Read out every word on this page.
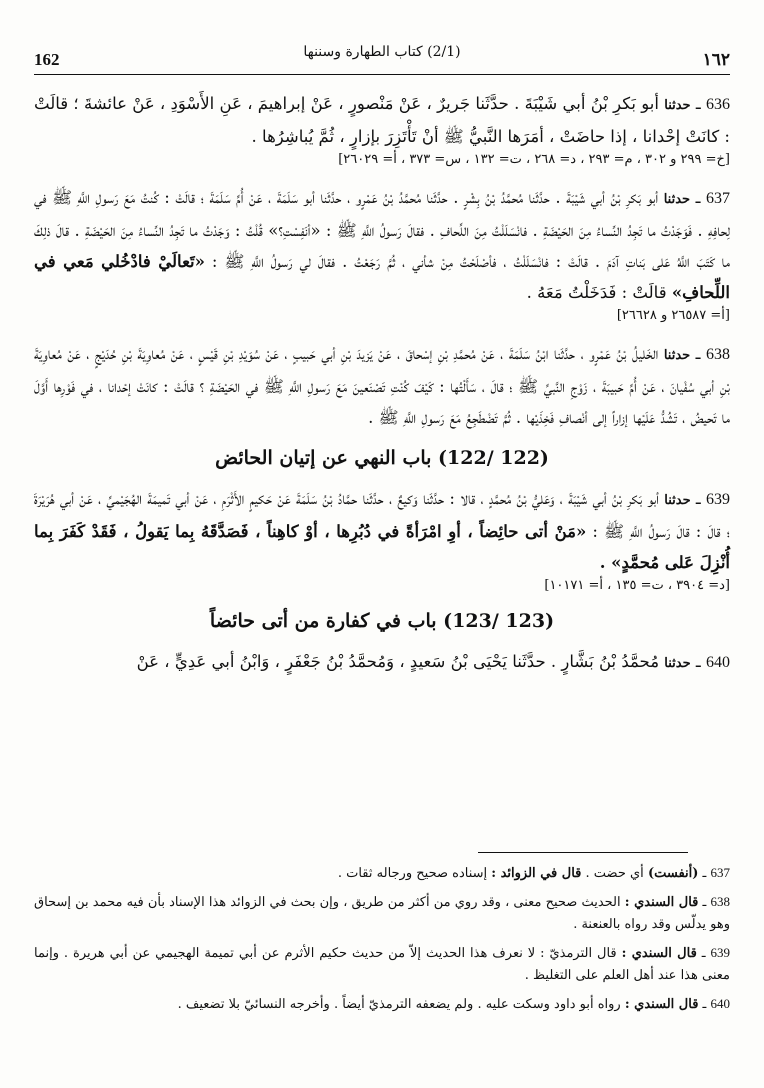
162	(2/1) كتاب الطهارة وسننها	١٦٢

636 ـ حدثنا أبو بَكرِ بْنُ أبي شَيْبَةَ . حدَّثَنا جَريرٌ ، عَنْ مَنْصورٍ ، عَنْ إبراهيمَ ، عَنِ الأَسْوَدِ ، عَنْ عائشةَ ؛ قالَتْ : كانَتْ إحْدانا ، إذا حاضَتْ ، أمَرَها النَّبيُّ ﷺ أنْ تَأْتَزِرَ بإزارٍ ، ثُمَّ يُباشِرُها .

[خ= ٢٩٩ و ٣٠٢ ، م= ٢٩٣ ، د= ٢٦٨ ، ت= ١٣٢ ، س= ٣٧٣ ، أ= ٢٦٠٢٩]

637 ـ حدثنا أبو بَكرِ بْنُ أبي شَيْبَةَ . حدَّثَنا مُحمَّدُ بْنُ بِشْرٍ . حدَّثَنا مُحمَّدُ بْنُ عَمْرٍو ، حدَّثَنا أبو سَلَمَةَ ، عَنْ أُمِّ سَلَمَةَ ؛ قالَتْ : كُنتُ مَعَ رَسولِ اللَّهِ ﷺ في لِحافِهِ . فَوَجَدْتُ ما تَجِدُ النِّساءُ مِنَ الحَيْضَةِ . فانْسَلَلْتُ مِنَ اللِّحافِ . فقالَ رَسولُ اللَّهِ ﷺ : «أنَفِسْتِ؟» قُلْتُ : وَجَدْتُ ما تَجِدُ النِّساءُ مِنَ الحَيْضَةِ . قالَ ذلِكَ ما كَتَبَ اللَّهُ عَلى بَناتِ آدَمَ . قالَتْ : فانْسَلَلْتُ ، فأصْلَحْتُ مِنْ شأني ، ثُمَّ رَجَعْتُ . فقالَ لي رَسولُ اللَّهِ ﷺ : «تَعالَيْ فادْخُلي مَعي في اللِّحافِ» قالَتْ : فَدَخَلْتُ مَعَهُ .

[أ= ٢٦٥٨٧ و ٢٦٦٢٨]

638 ـ حدثنا الخَليلُ بْنُ عَمْرٍو ، حدَّثَنا ابْنُ سَلَمَةَ ، عَنْ مُحمَّدِ بْنِ إسْحاقَ ، عَنْ يَزيدَ بْنِ أبي حَبيبٍ ، عَنْ سُوَيْدِ بْنِ قَيْسٍ ، عَنْ مُعاوِيَةَ بْنِ حُدَيْجٍ ، عَنْ مُعاوِيَةَ بْنِ أبي سُفْيانَ ، عَنْ أُمِّ حَبيبَةَ ، زَوْجِ النَّبيِّ ﷺ ؛ قالَ ، سَأَلْتُها : كَيْفَ كُنْتِ تَصْنَعينَ مَعَ رَسولِ اللَّهِ ﷺ في الحَيْضَةِ ؟ قالَتْ : كانَتْ إحْدانا ، في فَوْرِها أَوَّلَ ما تَحيضُ ، تَشُدُّ عَلَيْها إزاراً إلى أنْصافِ فَخِذَيْها . ثُمَّ تَضْطَجِعُ مَعَ رَسولِ اللَّهِ ﷺ .

(122 /122) باب النهي عن إتيان الحائض

639 ـ حدثنا أبو بَكرِ بْنُ أبي شَيْبَةَ ، وَعَليُّ بْنُ مُحمَّدٍ ، قالا : حدَّثَنا وَكيعٌ ، حدَّثَنا حمَّادُ بْنُ سَلَمَةَ عَنْ حَكيمٍ الأَثْرَمِ ، عَنْ أبي تَميمَةَ الهُجَيْميِّ ، عَنْ أبي هُرَيْرَةَ ؛ قالَ : قالَ رَسولُ اللَّهِ ﷺ : «مَنْ أتى حائِضاً ، أوِ امْرَأةً في دُبُرِها ، أوْ كاهِناً ، فَصَدَّقَهُ بِما يَقولُ ، فَقَدْ كَفَرَ بِما أُنْزِلَ عَلى مُحمَّدٍ» .

[د= ٣٩٠٤ ، ت= ١٣٥ ، أ= ١٠١٧١]
(123 /123) باب في كفارة من أتى حائضاً

640 ـ حدثنا مُحمَّدُ بْنُ بَشَّارٍ . حدَّثَنا يَحْيَى بْنُ سَعيدٍ ، وَمُحمَّدُ بْنُ جَعْفَرٍ ، وَابْنُ أبي عَدِيٍّ ، عَنْ

637 ـ (أنفست) أي حضت . قال في الزوائد : إسناده صحيح ورجاله ثقات .

638 ـ قال السندي : الحديث صحيح معنى ، وقد روي من أكثر من طريق ، وإن بحث في الزوائد هذا الإسناد بأن فيه محمد بن إسحاق وهو يدلّس وقد رواه بالعنعنة .

639 ـ قال السندي : قال الترمذيّ : لا نعرف هذا الحديث إلاّ من حديث حكيم الأثرم عن أبي تميمة الهجيمي عن أبي هريرة . وإنما معنى هذا عند أهل العلم على التغليظ .

640 ـ قال السندي : رواه أبو داود وسكت عليه . ولم يضعفه الترمذيّ أيضاً . وأخرجه النسائيّ بلا تضعيف .
